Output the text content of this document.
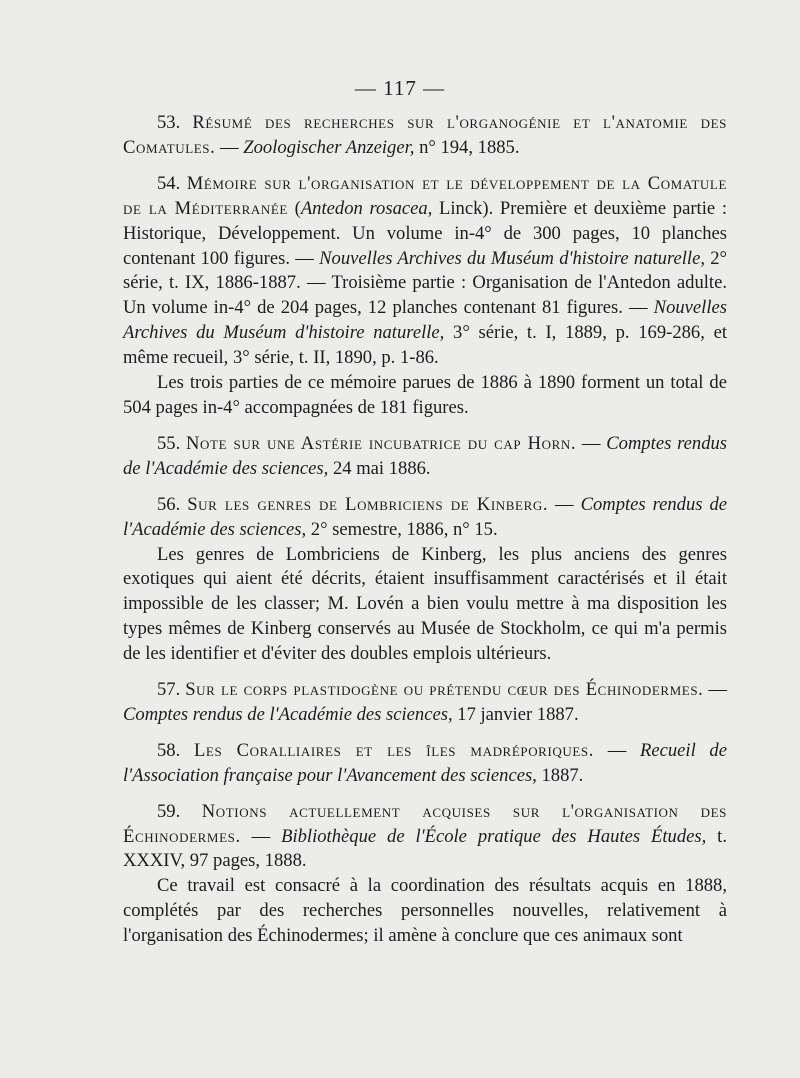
— 117 —

53. Résumé des recherches sur l'organogénie et l'anatomie des Comatules. — Zoologischer Anzeiger, n° 194, 1885.

54. Mémoire sur l'organisation et le développement de la Comatule de la Méditerranée (Antedon rosacea, Linck). Première et deuxième partie : Historique, Développement. Un volume in-4° de 300 pages, 10 planches contenant 100 figures. — Nouvelles Archives du Muséum d'histoire naturelle, 2° série, t. IX, 1886-1887. — Troisième partie : Organisation de l'Antedon adulte. Un volume in-4° de 204 pages, 12 planches contenant 81 figures. — Nouvelles Archives du Muséum d'histoire naturelle, 3° série, t. I, 1889, p. 169-286, et même recueil, 3° série, t. II, 1890, p. 1-86.

Les trois parties de ce mémoire parues de 1886 à 1890 forment un total de 504 pages in-4° accompagnées de 181 figures.

55. Note sur une Astérie incubatrice du cap Horn. — Comptes rendus de l'Académie des sciences, 24 mai 1886.

56. Sur les genres de Lombriciens de Kinberg. — Comptes rendus de l'Académie des sciences, 2° semestre, 1886, n° 15.

Les genres de Lombriciens de Kinberg, les plus anciens des genres exotiques qui aient été décrits, étaient insuffisamment caractérisés et il était impossible de les classer; M. Lovén a bien voulu mettre à ma disposition les types mêmes de Kinberg conservés au Musée de Stockholm, ce qui m'a permis de les identifier et d'éviter des doubles emplois ultérieurs.

57. Sur le corps plastidogène ou prétendu cœur des Échinodermes. — Comptes rendus de l'Académie des sciences, 17 janvier 1887.

58. Les Coralliaires et les îles madréporiques. — Recueil de l'Association française pour l'Avancement des sciences, 1887.

59. Notions actuellement acquises sur l'organisation des Échinodermes. — Bibliothèque de l'École pratique des Hautes Études, t. XXXIV, 97 pages, 1888.

Ce travail est consacré à la coordination des résultats acquis en 1888, complétés par des recherches personnelles nouvelles, relativement à l'organisation des Échinodermes; il amène à conclure que ces animaux sont
